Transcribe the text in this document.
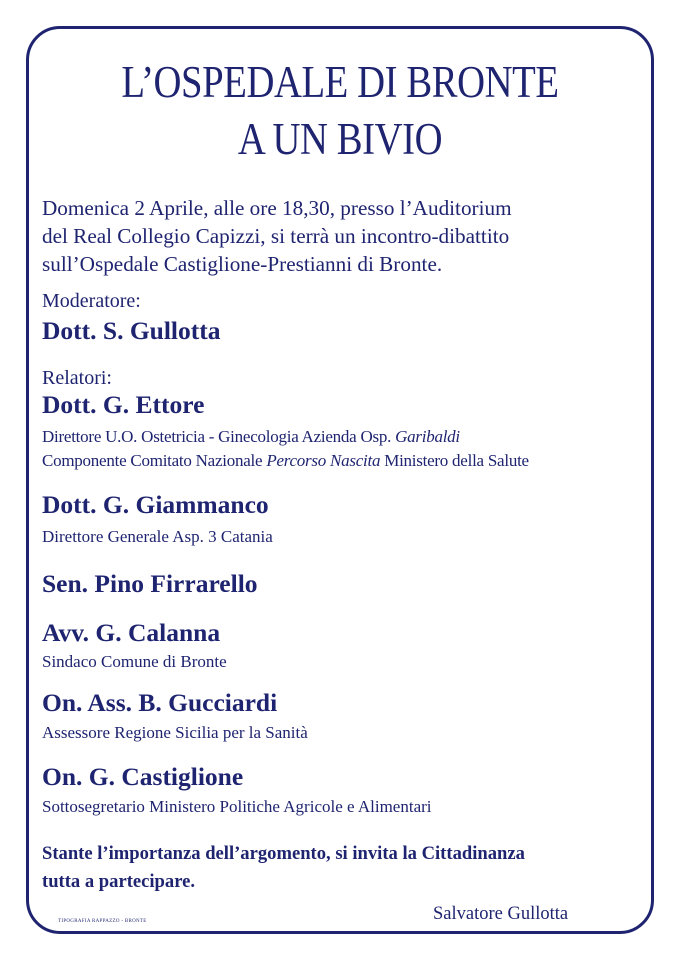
L’OSPEDALE DI BRONTE
A UN BIVIO

Domenica 2 Aprile, alle ore 18,30, presso l’Auditorium
del Real Collegio Capizzi, si terrà un incontro-dibattito
sull’Ospedale Castiglione-Prestianni di Bronte.

Moderatore:
Dott. S. Gullotta
Relatori:
Dott. G. Ettore
Direttore U.O. Ostetricia - Ginecologia Azienda Osp. Garibaldi
Componente Comitato Nazionale Percorso Nascita Ministero della Salute
Dott. G. Giammanco
Direttore Generale Asp. 3 Catania
Sen. Pino Firrarello
Avv. G. Calanna
Sindaco Comune di Bronte
On. Ass. B. Gucciardi
Assessore Regione Sicilia per la Sanità
On. G. Castiglione
Sottosegretario Ministero Politiche Agricole e Alimentari
Stante l’importanza dell’argomento, si invita la Cittadinanza
tutta a partecipare.
Salvatore Gullotta
TIPOGRAFIA RAPPAZZO - BRONTE
